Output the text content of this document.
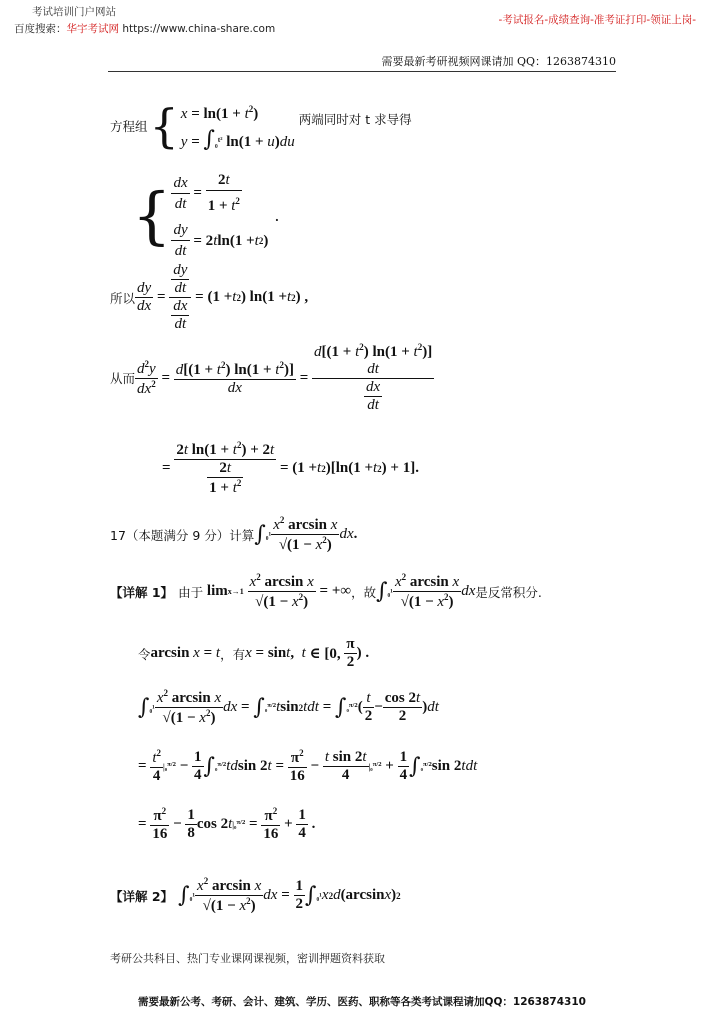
考试培训门户网站
百度搜索：华宇考试网 https://www.china-share.com
-考试报名-成绩查询-准考证打印-领证上岗-
需要最新考研视频网课请加 QQ：1263874310
方程组 { $x = \ln(1 + t^2)$
y = ∫₀$^{t^2}$ ln(1 + u)du
两端同时对 t 求导得
{ $\frac{dx}{dt} = \frac{2t}{1 + t^2}$
$\frac{dy}{dt} = 2$ t ln(1 + t 2 )
.
所以 $\frac{dy}{dx} = \frac{\frac{dy}{dt}}{\frac{dx}{dt}} = (1 + t$ 2 ) ln(1 + t 2 ) ,
从而 $\frac{d^2y}{dx^2} = \frac{d[(1 + t^2) \ln(1 + t^2)]}{dx}$ =
$d[(1 + t^2)$ $\ln(1 + t^2)$]
dt
$\frac{dx}{dt}$
= $\frac{2t \ln(1 + t^2) + 2t}{\frac{2t}{1 + t^2}} = (1 + t$ 2 )[ln(1 + t 2 ) + 1].
17（本题满分 9 分）计算 ∫ $_0^1 \frac{x^2 \arcsin x}{√(1 - x^2)}$ dx .
【详解 1】
由于 lim x→1
$\frac{x^2 \arcsin x}{√(1 - x^2)}$ = +∞ ，故 ∫ $_0^1 \frac{x^2 \arcsin x}{√(1 - x^2)}$ dx 是反常积分.
令 arcsin x = t ，有 x = sin t , t ∈ [0, $\frac{\pi}{2}$ ) .
∫ $_0^1 \frac{x^2 \arcsin x}{√(1 - x^2)}$ dx = ∫ ₀$^{\pi/2}$ t sin 2 tdt = ∫ ₀$^{\pi/2}$ ( $\frac{t}{2} - \frac{\cos 2t}{2}$ ) dt
= $\frac{t^2}{4} |_0^{\pi/2} - \frac{1}{4}$ ∫ ₀$^{\pi/2}$ td sin 2 $t = \frac{\pi^2}{16} - \frac{\text{t sin 2t}}{4} |_0^{\pi/2} + \frac{1}{4}$ ∫ ₀$^{\pi/2}$ sin 2 tdt
= $\frac{\pi^2}{16} - \frac{1}{8}$ cos 2 t $|_0^{\pi/2} = \frac{\pi^2}{16} + \frac{1}{4}$ .
【详解 2】
∫ $_0^1 \frac{x^2 \arcsin x}{√(1 - x^2)}$ dx = $\frac{1}{2}$ ∫ ₀¹ x 2 d (arcsin x ) 2
考研公共科目、热门专业课网课视频，密训押题资料获取
需要最新公考、考研、会计、建筑、学历、医药、职称等各类考试课程请加QQ：1263874310
